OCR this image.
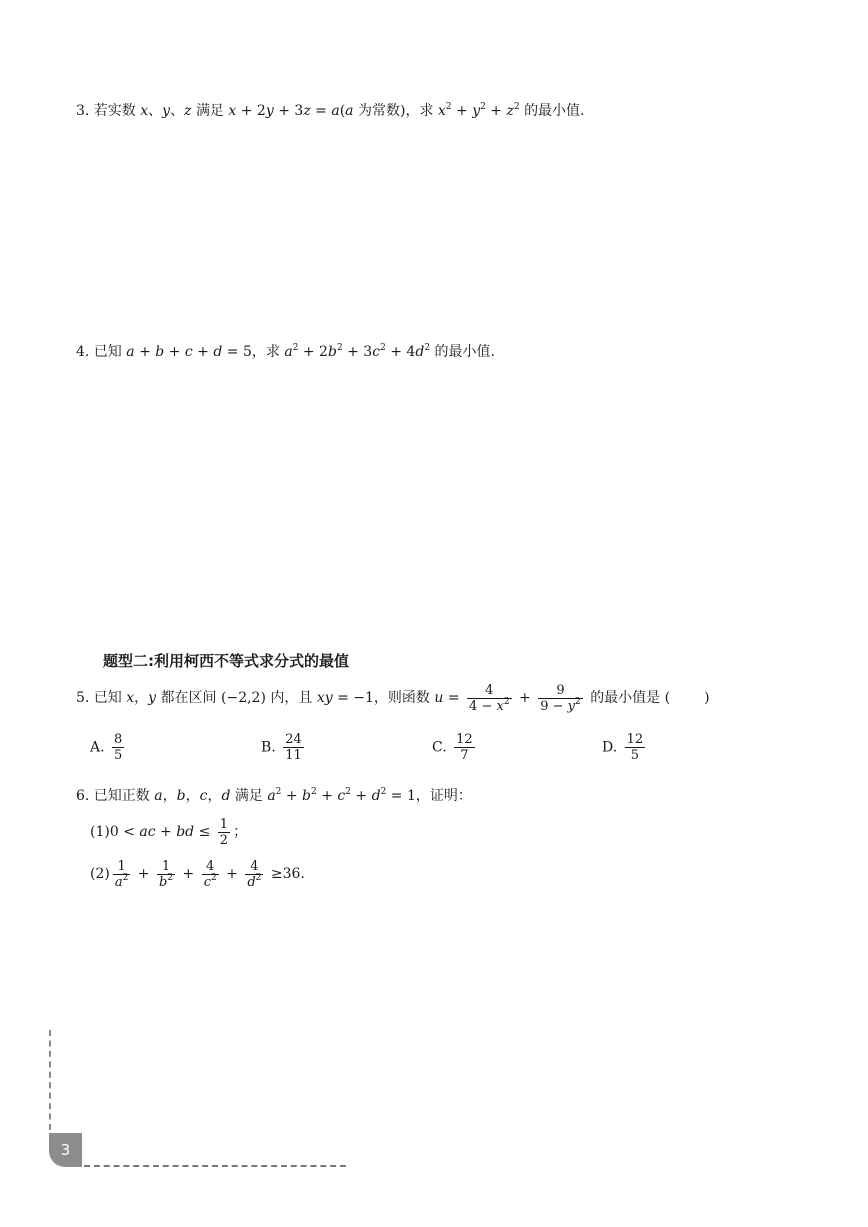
3. 若实数 x、y、z 满足 x + 2y + 3z = a(a 为常数)，求 $x^2 + y^2 + z^2$ 的最小值.
4. 已知 a + b + c + d = 5，求 $a^2 + 2b^2 + 3c^2 + 4d^2$ 的最小值.
题型二:利用柯西不等式求分式的最值
5. 已知 x，y 都在区间 (−2,2) 内，且 xy = −1，则函数 $u = \frac{4}{4 - x^2} + \frac{9}{9 - y^2}$ 的最小值是 ( )
A. $\frac{8}{5}$	B. $\frac{24}{11}$	C. $\frac{12}{7}$	D. $\frac{12}{5}$
6. 已知正数 a，b，c，d 满足 $a^2 + b^2 + c^2 + d^2 = 1$，证明：
(1)0 < ac + bd ≤ $\frac{1}{2}$ ；
$(2) \frac{1}{a^2} + \frac{1}{b^2} + \frac{4}{c^2} + \frac{4}{d^2} \ge 36$.
3
